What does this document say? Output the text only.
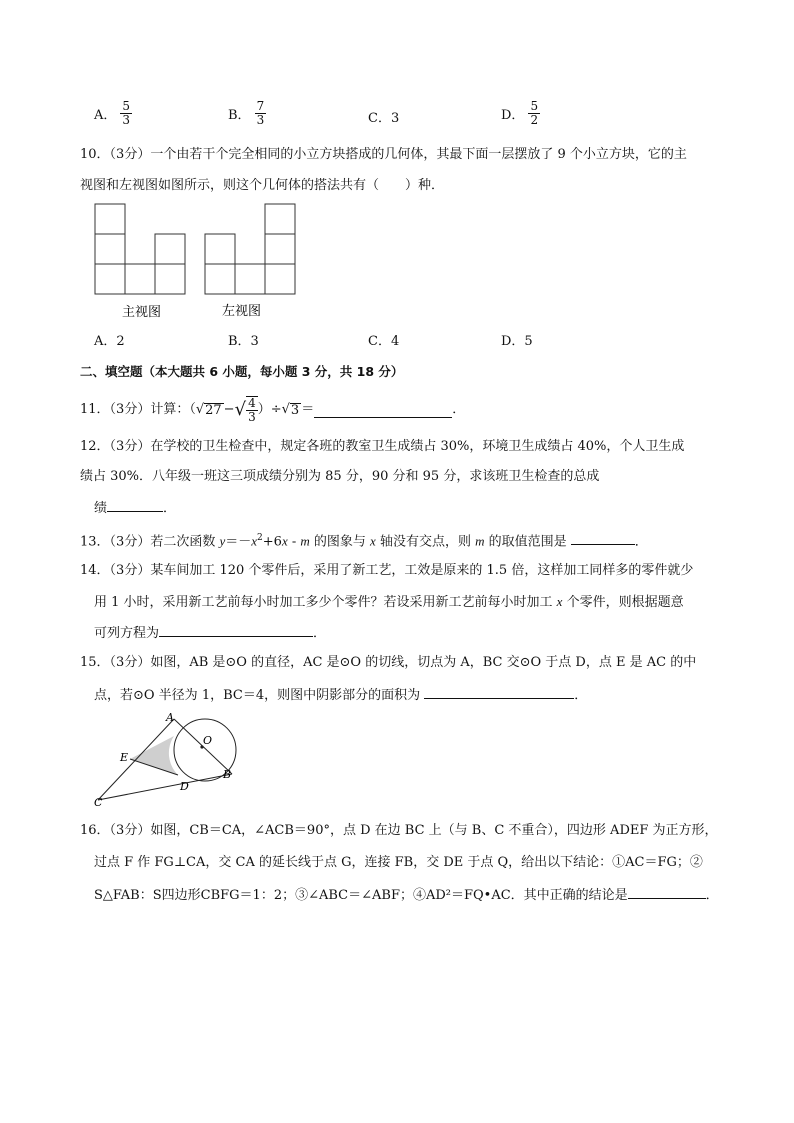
A． $\frac{5}{3}$	B． $\frac{7}{3}$	C．3	D． $\frac{5}{2}$
10．（3分）一个由若干个完全相同的小立方块搭成的几何体，其最下面一层摆放了 9 个小立方块，它的主
视图和左视图如图所示，则这个几何体的搭法共有（　　）种．
主视图	左视图
A．2	B．3	C．4	D．5
二、填空题（本大题共 6 小题，每小题 3 分，共 18 分）
11．（3分）计算：（ √ 27 − √ $\frac{4}{3}$ ）÷ √ 3 ＝	．
12．（3分）在学校的卫生检查中，规定各班的教室卫生成绩占 30%，环境卫生成绩占 40%，个人卫生成
绩占 30%．八年级一班这三项成绩分别为 85 分，90 分和 95 分，求该班卫生检查的总成
绩	．
13．（3分）若二次函数 $y=-x^2+6x - m$ 的图象与 x 轴没有交点，则 m 的取值范围是	．
14．（3分）某车间加工 120 个零件后，采用了新工艺，工效是原来的 1.5 倍，这样加工同样多的零件就少
用 1 小时，采用新工艺前每小时加工多少个零件？若设采用新工艺前每小时加工 x 个零件，则根据题意
可列方程为	．
15．（3分）如图，AB 是⊙O 的直径，AC 是⊙O 的切线，切点为 A，BC 交⊙O 于点 D，点 E 是 AC 的中
点，若⊙O 半径为 1，BC＝4，则图中阴影部分的面积为	．
A
O
E
B
D
C
16．（3分）如图，CB＝CA，∠ACB＝90°，点 D 在边 BC 上（与 B、C 不重合），四边形 ADEF 为正方形，
过点 F 作 FG⊥CA，交 CA 的延长线于点 G，连接 FB，交 DE 于点 Q，给出以下结论：①AC＝FG；②
S△FAB：S四边形CBFG＝1：2；③∠ABC＝∠ABF；④AD²＝FQ•AC．其中正确的结论是	．
